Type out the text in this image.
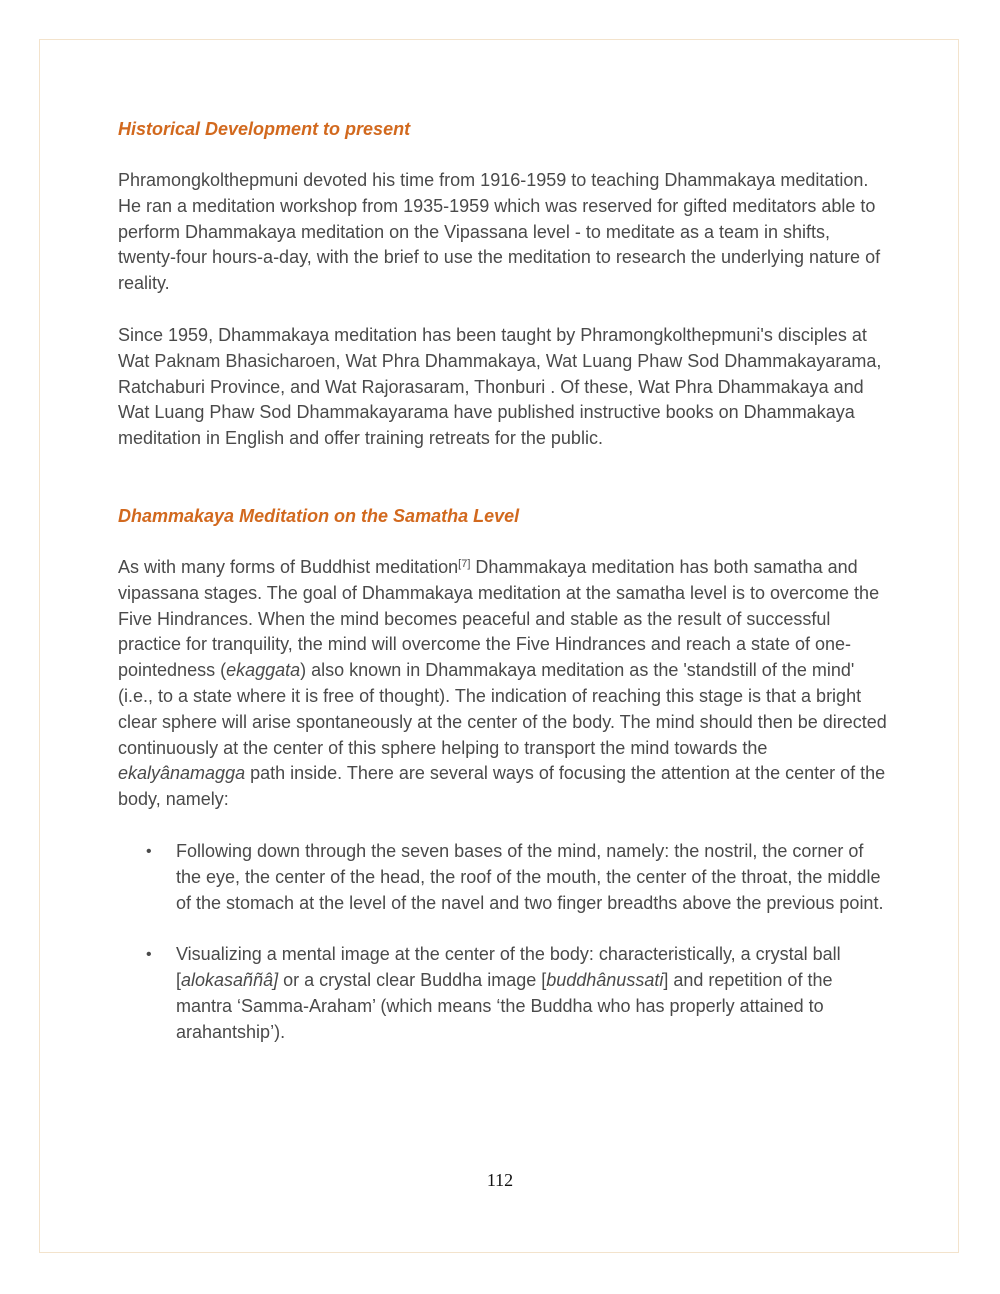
Historical Development to present

Phramongkolthepmuni devoted his time from 1916-1959 to teaching Dhammakaya meditation. He ran a meditation workshop from 1935-1959 which was reserved for gifted meditators able to perform Dhammakaya meditation on the Vipassana level - to meditate as a team in shifts, twenty-four hours-a-day, with the brief to use the meditation to research the underlying nature of reality.

Since 1959, Dhammakaya meditation has been taught by Phramongkolthepmuni's disciples at Wat Paknam Bhasicharoen, Wat Phra Dhammakaya, Wat Luang Phaw Sod Dhammakayarama, Ratchaburi Province, and Wat Rajorasaram, Thonburi . Of these, Wat Phra Dhammakaya and Wat Luang Phaw Sod Dhammakayarama have published instructive books on Dhammakaya meditation in English and offer training retreats for the public.

Dhammakaya Meditation on the Samatha Level

As with many forms of Buddhist meditation[7] Dhammakaya meditation has both samatha and vipassana stages. The goal of Dhammakaya meditation at the samatha level is to overcome the Five Hindrances. When the mind becomes peaceful and stable as the result of successful practice for tranquility, the mind will overcome the Five Hindrances and reach a state of one-pointedness (ekaggata) also known in Dhammakaya meditation as the 'standstill of the mind' (i.e., to a state where it is free of thought). The indication of reaching this stage is that a bright clear sphere will arise spontaneously at the center of the body. The mind should then be directed continuously at the center of this sphere helping to transport the mind towards the ekalyânamagga path inside. There are several ways of focusing the attention at the center of the body, namely:

• Following down through the seven bases of the mind, namely: the nostril, the corner of the eye, the center of the head, the roof of the mouth, the center of the throat, the middle of the stomach at the level of the navel and two finger breadths above the previous point.
• Visualizing a mental image at the center of the body: characteristically, a crystal ball [alokasaññâ] or a crystal clear Buddha image [buddhânussati] and repetition of the mantra ‘Samma-Araham’ (which means ‘the Buddha who has properly attained to arahantship’).
112
